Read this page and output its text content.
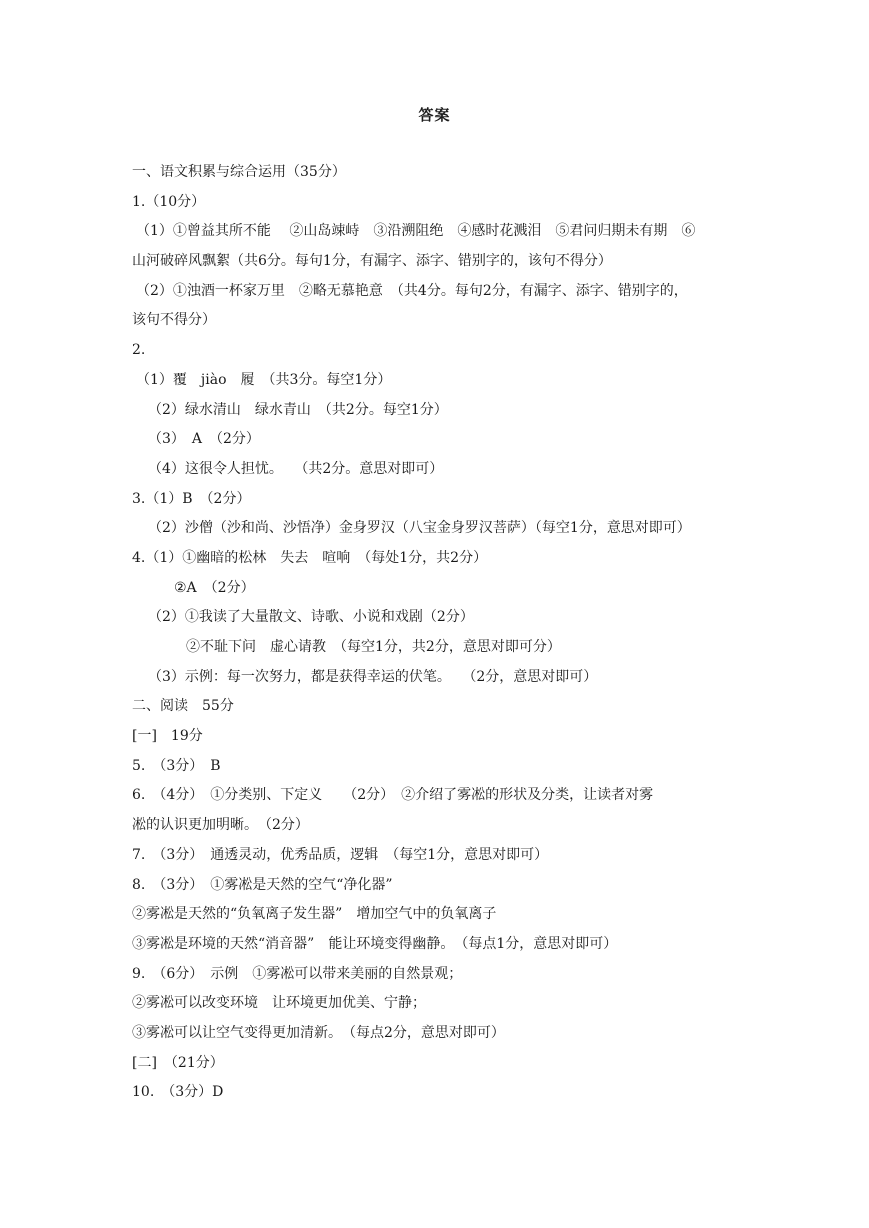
答案
一、语文积累与综合运用（35分）
1.（10分）
（1）①曾益其所不能　 ②山岛竦峙　③沿溯阻绝　④感时花溅泪　⑤君问归期未有期　⑥
山河破碎风飘絮（共6分。每句1分，有漏字、添字、错别字的，该句不得分）
（2）①浊酒一杯家万里　②略无慕艳意　（共4分。每句2分，有漏字、添字、错别字的，
该句不得分）
2.
（1）覆　jiào　履　（共3分。每空1分）
（2）绿水清山　绿水青山　（共2分。每空1分）
（3）　A　（2分）
（4）这很令人担忧。　 （共2分。意思对即可）
3.（1）B　（2分）
（2）沙僧（沙和尚、沙悟净）金身罗汉（八宝金身罗汉菩萨）（每空1分，意思对即可）
4.（1）①幽暗的松林　失去　喧响　（每处1分，共2分）
②A　（2分）
（2）①我读了大量散文、诗歌、小说和戏剧（2分）
②不耻下问　虚心请教　（每空1分，共2分，意思对即可分）
（3）示例：每一次努力，都是获得幸运的伏笔。　 （2分，意思对即可）
二、阅读　55分
[一]　19分
5.　（3分）　B
6.　（4分）　①分类别、下定义　　（2分）　②介绍了雾凇的形状及分类，让读者对雾
凇的认识更加明晰。　（2分）
7.　（3分）　通透灵动，优秀品质，逻辑　（每空1分，意思对即可）
8.　（3分）　①雾凇是天然的空气“净化器”
②雾凇是天然的“负氧离子发生器”　增加空气中的负氧离子
③雾凇是环境的天然“消音器”　能让环境变得幽静。　（每点1分，意思对即可）
9.　（6分）　示例　①雾凇可以带来美丽的自然景观；
②雾凇可以改变环境　让环境更加优美、宁静；
③雾凇可以让空气变得更加清新。　（每点2分，意思对即可）
[二]　（21分）
10.　（3分）D
